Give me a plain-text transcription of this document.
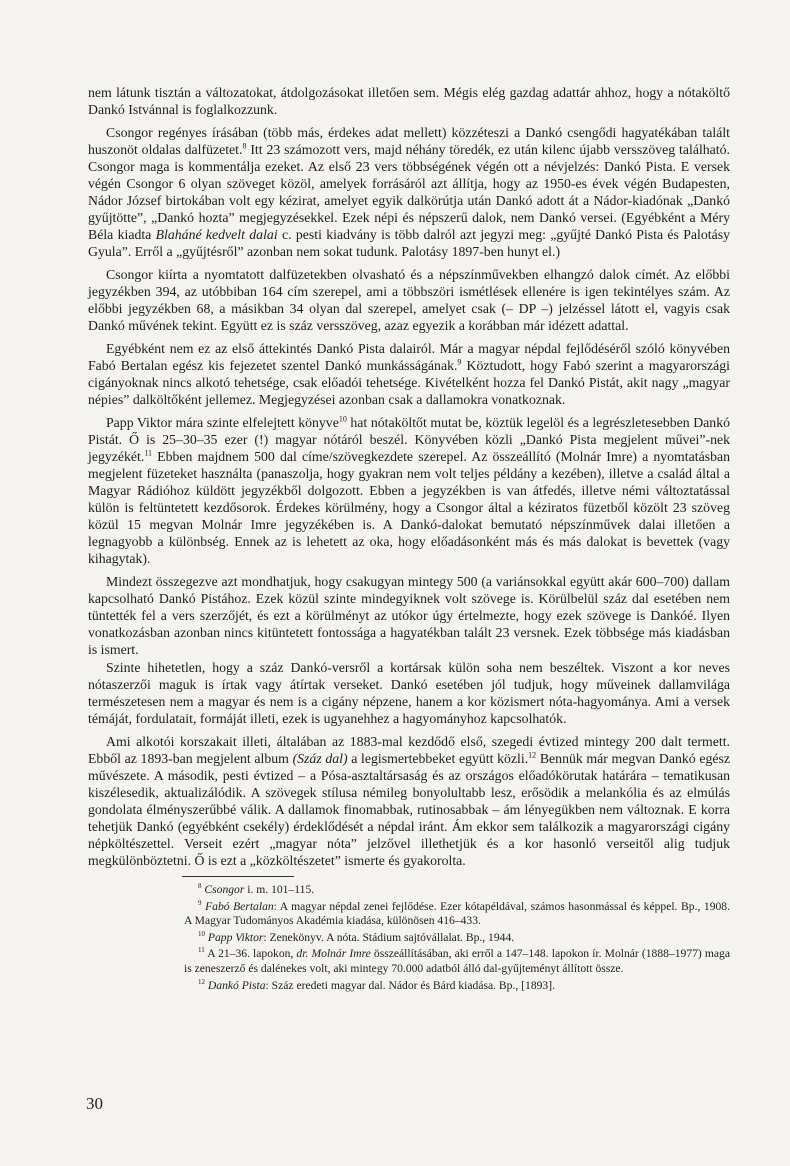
nem látunk tisztán a változatokat, átdolgozásokat illetően sem. Mégis elég gazdag adattár ahhoz, hogy a nótaköltő Dankó Istvánnal is foglalkozzunk.

Csongor regényes írásában (több más, érdekes adat mellett) közzéteszi a Dankó csengődi hagyatékában talált huszonöt oldalas dalfüzetet.$^8$ Itt 23 számozott vers, majd néhány töredék, ez után kilenc újabb versszöveg található. Csongor maga is kommentálja ezeket. Az első 23 vers többségének végén ott a névjelzés: Dankó Pista. E versek végén Csongor 6 olyan szöveget közöl, amelyek forrásáról azt állítja, hogy az 1950-es évek végén Budapesten, Nádor József birtokában volt egy kézirat, amelyet egyik dalkörútja után Dankó adott át a Nádor-kiadónak „Dankó gyűjtötte”, „Dankó hozta” megjegyzésekkel. Ezek népi és népszerű dalok, nem Dankó versei. (Egyébként a Méry Béla kiadta Blaháné kedvelt dalai c. pesti kiadvány is több dalról azt jegyzi meg: „gyűjté Dankó Pista és Palotásy Gyula”. Erről a „gyűjtésről” azonban nem sokat tudunk. Palotásy 1897-ben hunyt el.)

Csongor kiírta a nyomtatott dalfüzetekben olvasható és a népszínművekben elhangzó dalok címét. Az előbbi jegyzékben 394, az utóbbiban 164 cím szerepel, ami a többszöri ismétlések ellenére is igen tekintélyes szám. Az előbbi jegyzékben 68, a másikban 34 olyan dal szerepel, amelyet csak (– DP –) jelzéssel látott el, vagyis csak Dankó művének tekint. Együtt ez is száz versszöveg, azaz egyezik a korábban már idézett adattal.

Egyébként nem ez az első áttekintés Dankó Pista dalairól. Már a magyar népdal fejlődéséről szóló könyvében Fabó Bertalan egész kis fejezetet szentel Dankó munkásságának.$^9$ Köztudott, hogy Fabó szerint a magyarországi cigányoknak nincs alkotó tehetsége, csak előadói tehetsége. Kivételként hozza fel Dankó Pistát, akit nagy „magyar népies” dalköltőként jellemez. Megjegyzései azonban csak a dallamokra vonatkoznak.

Papp Viktor mára szinte elfelejtett könyve$^{10}$ hat nótaköltőt mutat be, köztük legelöl és a legrészletesebben Dankó Pistát. Ő is 25–30–35 ezer (!) magyar nótáról beszél. Könyvében közli „Dankó Pista megjelent művei”-nek jegyzékét.$^{11}$ Ebben majdnem 500 dal címe/szövegkezdete szerepel. Az összeállító (Molnár Imre) a nyomtatásban megjelent füzeteket használta (panaszolja, hogy gyakran nem volt teljes példány a kezében), illetve a család által a Magyar Rádióhoz küldött jegyzékből dolgozott. Ebben a jegyzékben is van átfedés, illetve némi változtatással külön is feltüntetett kezdősorok. Érdekes körülmény, hogy a Csongor által a kéziratos füzetből közölt 23 szöveg közül 15 megvan Molnár Imre jegyzékében is. A Dankó-dalokat bemutató népszínművek dalai illetően a legnagyobb a különbség. Ennek az is lehetett az oka, hogy előadásonként más és más dalokat is bevettek (vagy kihagytak).

Mindezt összegezve azt mondhatjuk, hogy csakugyan mintegy 500 (a variánsokkal együtt akár 600–700) dallam kapcsolható Dankó Pistához. Ezek közül szinte mindegyiknek volt szövege is. Körülbelül száz dal esetében nem tüntették fel a vers szerzőjét, és ezt a körülményt az utókor úgy értelmezte, hogy ezek szövege is Dankóé. Ilyen vonatkozásban azonban nincs kitüntetett fontossága a hagyatékban talált 23 versnek. Ezek többsége más kiadásban is ismert.

Szinte hihetetlen, hogy a száz Dankó-versről a kortársak külön soha nem beszéltek. Viszont a kor neves nótaszerzői maguk is írtak vagy átírtak verseket. Dankó esetében jól tudjuk, hogy műveinek dallamvilága természetesen nem a magyar és nem is a cigány népzene, hanem a kor közismert nóta-hagyománya. Ami a versek témáját, fordulatait, formáját illeti, ezek is ugyanehhez a hagyományhoz kapcsolhatók.

Ami alkotói korszakait illeti, általában az 1883-mal kezdődő első, szegedi évtized mintegy 200 dalt termett. Ebből az 1893-ban megjelent album (Száz dal) a legismertebbeket együtt közli.$^{12}$ Bennük már megvan Dankó egész művészete. A második, pesti évtized – a Pósa-asztaltársaság és az országos előadókörutak határára – tematikusan kiszélesedik, aktualizálódik. A szövegek stílusa némileg bonyolultabb lesz, erősödik a melankólia és az elmúlás gondolata élményszerűbbé válik. A dallamok finomabbak, rutinosabbak – ám lényegükben nem változnak. E korra tehetjük Dankó (egyébként csekély) érdeklődését a népdal iránt. Ám ekkor sem találkozik a magyarországi cigány népköltészettel. Verseit ezért „magyar nóta” jelzővel illethetjük és a kor hasonló verseitől alig tudjuk megkülönböztetni. Ő is ezt a „közköltészetet” ismerte és gyakorolta.

$^8$ Csongor i. m. 101–115.

$^9$ Fabó Bertalan: A magyar népdal zenei fejlődése. Ezer kótapéldával, számos hasonmással és képpel. Bp., 1908. A Magyar Tudományos Akadémia kiadása, különösen 416–433.

$^{10}$ Papp Viktor: Zenekönyv. A nóta. Stádium sajtóvállalat. Bp., 1944.

$^{11}$ A 21–36. lapokon, dr. Molnár Imre összeállításában, aki erről a 147–148. lapokon ír. Molnár (1888–1977) maga is zeneszerző és dalénekes volt, aki mintegy 70.000 adatból álló dal-gyűjteményt állított össze.

$^{12}$ Dankó Pista: Száz eredeti magyar dal. Nádor és Bárd kiadása. Bp., [1893].

30
